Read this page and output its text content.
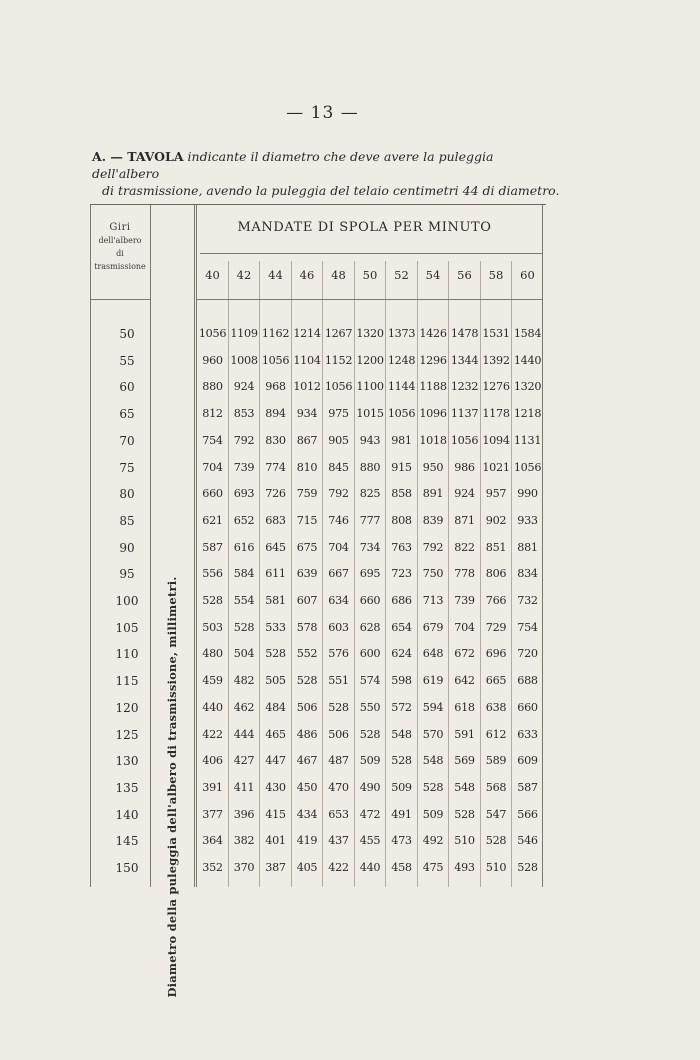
— 13 —
A. — TAVOLA indicante il diametro che deve avere la puleggia dell'albero
di trasmissione, avendo la puleggia del telaio centimetri 44 di diametro.
Giri
dell'albero
di
trasmissione
MANDATE DI SPOLA PER MINUTO
40	42	44	46	48	50	52	54	56	58	60
Diametro della puleggia dell'albero di trasmissione, millimetri.
50	1056 1109 1162 1214 1267 1320 1373 1426 1478 1531 1584
55	960 1008 1056 1104 1152 1200 1248 1296 1344 1392 1440
60	880 924 968 1012 1056 1100 1144 1188 1232 1276 1320
65	812 853 894 934 975 1015 1056 1096 1137 1178 1218
70	754 792 830 867 905 943 981 1018 1056 1094 1131
75	704 739 774 810 845 880 915 950 986 1021 1056
80	660 693 726 759 792 825 858 891 924 957 990
85	621 652 683 715 746 777 808 839 871 902 933
90	587 616 645 675 704 734 763 792 822 851 881
95	556 584 611 639 667 695 723 750 778 806 834
100	528 554 581 607 634 660 686 713 739 766 732
105	503 528 533 578 603 628 654 679 704 729 754
110	480 504 528 552 576 600 624 648 672 696 720
115	459 482 505 528 551 574 598 619 642 665 688
120	440 462 484 506 528 550 572 594 618 638 660
125	422 444 465 486 506 528 548 570 591 612 633
130	406 427 447 467 487 509 528 548 569 589 609
135	391 411 430 450 470 490 509 528 548 568 587
140	377 396 415 434 653 472 491 509 528 547 566
145	364 382 401 419 437 455 473 492 510 528 546
150	352 370 387 405 422 440 458 475 493 510 528
